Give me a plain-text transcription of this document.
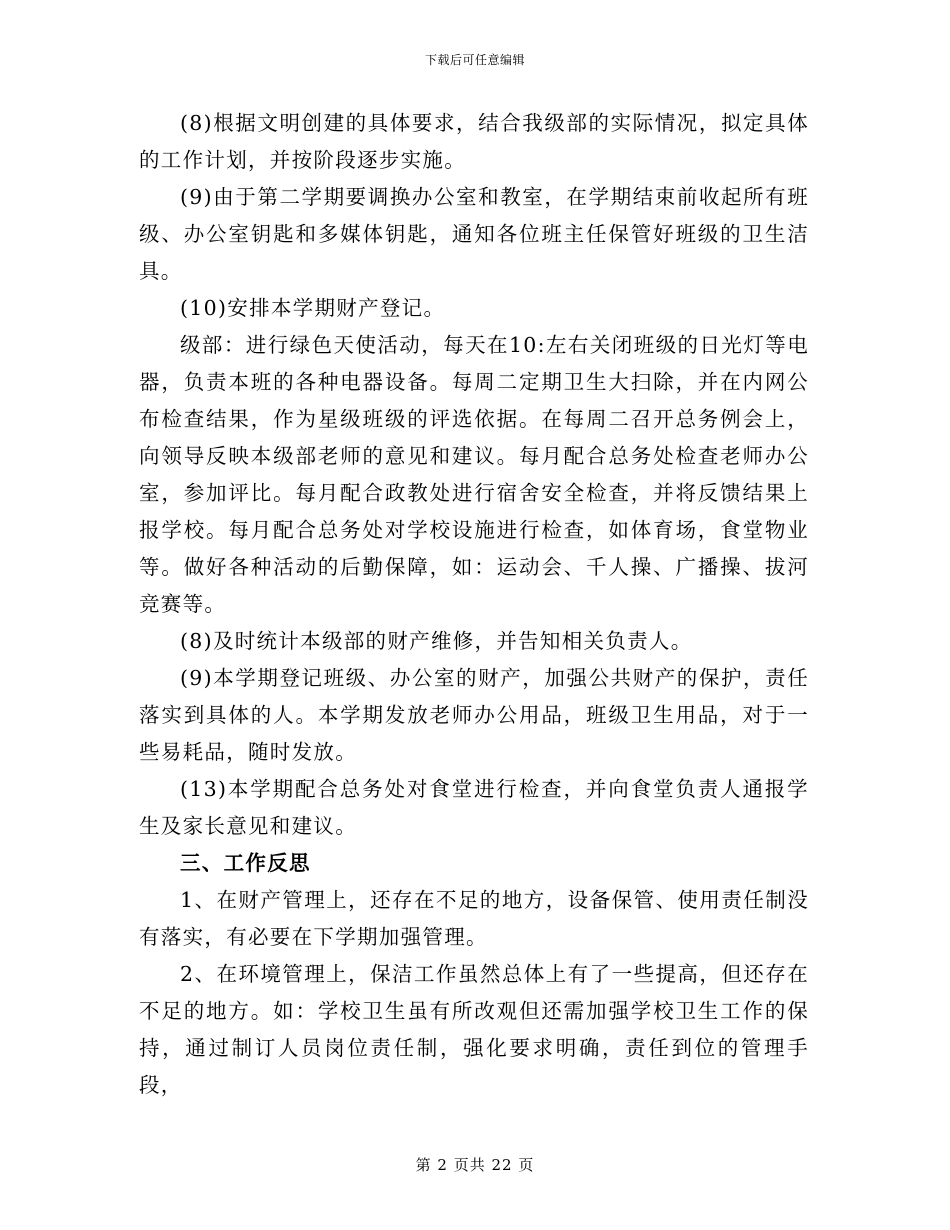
下载后可任意编辑

(8)根据文明创建的具体要求，结合我级部的实际情况，拟定具体的工作计划，并按阶段逐步实施。

(9)由于第二学期要调换办公室和教室，在学期结束前收起所有班级、办公室钥匙和多媒体钥匙，通知各位班主任保管好班级的卫生洁具。

(10)安排本学期财产登记。

级部：进行绿色天使活动，每天在10:左右关闭班级的日光灯等电器，负责本班的各种电器设备。每周二定期卫生大扫除，并在内网公布检查结果，作为星级班级的评选依据。在每周二召开总务例会上，向领导反映本级部老师的意见和建议。每月配合总务处检查老师办公室，参加评比。每月配合政教处进行宿舍安全检查，并将反馈结果上报学校。每月配合总务处对学校设施进行检查，如体育场，食堂物业等。做好各种活动的后勤保障，如：运动会、千人操、广播操、拔河竞赛等。

(8)及时统计本级部的财产维修，并告知相关负责人。

(9)本学期登记班级、办公室的财产，加强公共财产的保护，责任落实到具体的人。本学期发放老师办公用品，班级卫生用品，对于一些易耗品，随时发放。

(13)本学期配合总务处对食堂进行检查，并向食堂负责人通报学生及家长意见和建议。

三、工作反思

1、在财产管理上，还存在不足的地方，设备保管、使用责任制没有落实，有必要在下学期加强管理。

2、在环境管理上，保洁工作虽然总体上有了一些提高，但还存在不足的地方。如：学校卫生虽有所改观但还需加强学校卫生工作的保持，通过制订人员岗位责任制，强化要求明确，责任到位的管理手段，

第 2 页共 22 页
